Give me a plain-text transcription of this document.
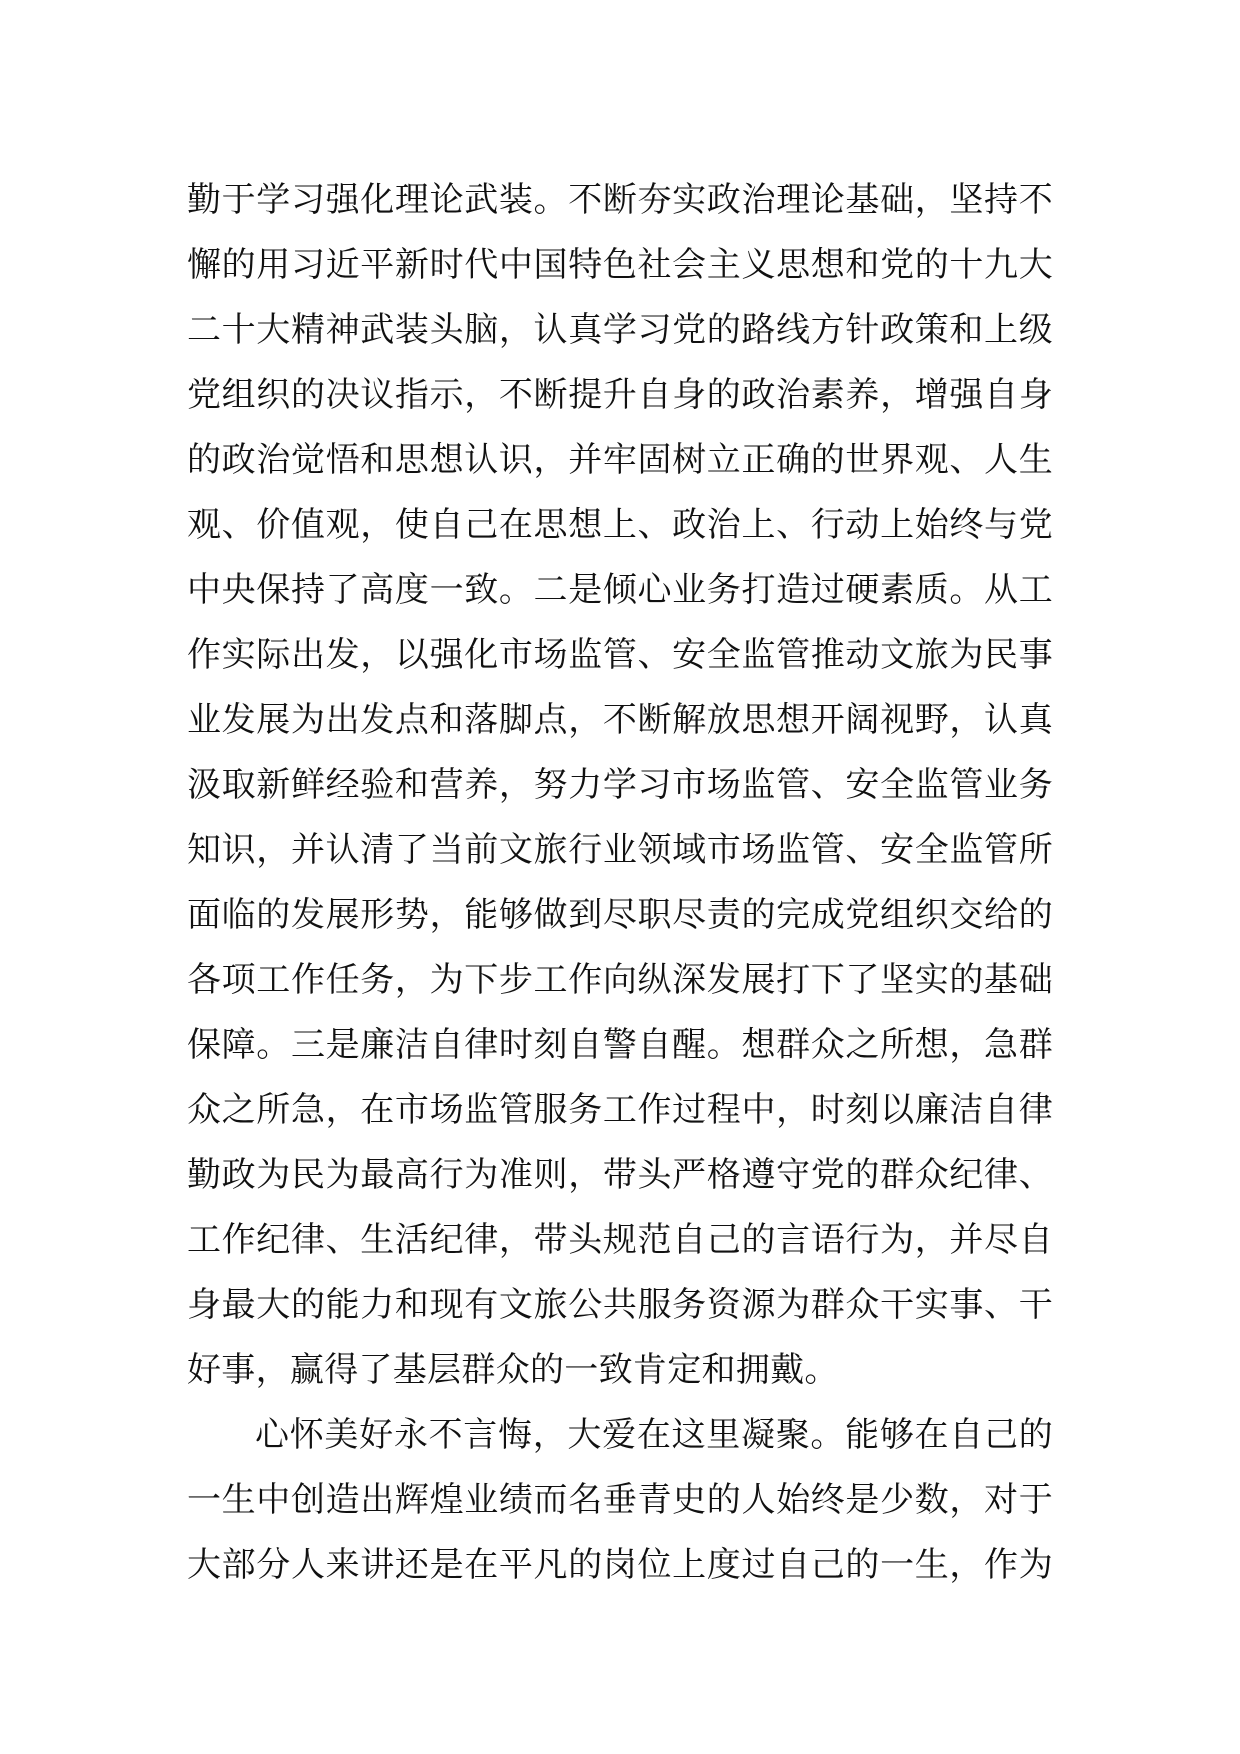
勤于学习强化理论武装。不断夯实政治理论基础，坚持不
懈的用习近平新时代中国特色社会主义思想和党的十九大
二十大精神武装头脑，认真学习党的路线方针政策和上级
党组织的决议指示，不断提升自身的政治素养，增强自身
的政治觉悟和思想认识，并牢固树立正确的世界观、人生
观、价值观，使自己在思想上、政治上、行动上始终与党
中央保持了高度一致。二是倾心业务打造过硬素质。从工
作实际出发，以强化市场监管、安全监管推动文旅为民事
业发展为出发点和落脚点，不断解放思想开阔视野，认真
汲取新鲜经验和营养，努力学习市场监管、安全监管业务
知识，并认清了当前文旅行业领域市场监管、安全监管所
面临的发展形势，能够做到尽职尽责的完成党组织交给的
各项工作任务，为下步工作向纵深发展打下了坚实的基础
保障。三是廉洁自律时刻自警自醒。想群众之所想，急群
众之所急，在市场监管服务工作过程中，时刻以廉洁自律
勤政为民为最高行为准则，带头严格遵守党的群众纪律、
工作纪律、生活纪律，带头规范自己的言语行为，并尽自
身最大的能力和现有文旅公共服务资源为群众干实事、干
好事，赢得了基层群众的一致肯定和拥戴。
心怀美好永不言悔，大爱在这里凝聚。能够在自己的
一生中创造出辉煌业绩而名垂青史的人始终是少数，对于
大部分人来讲还是在平凡的岗位上度过自己的一生，作为
